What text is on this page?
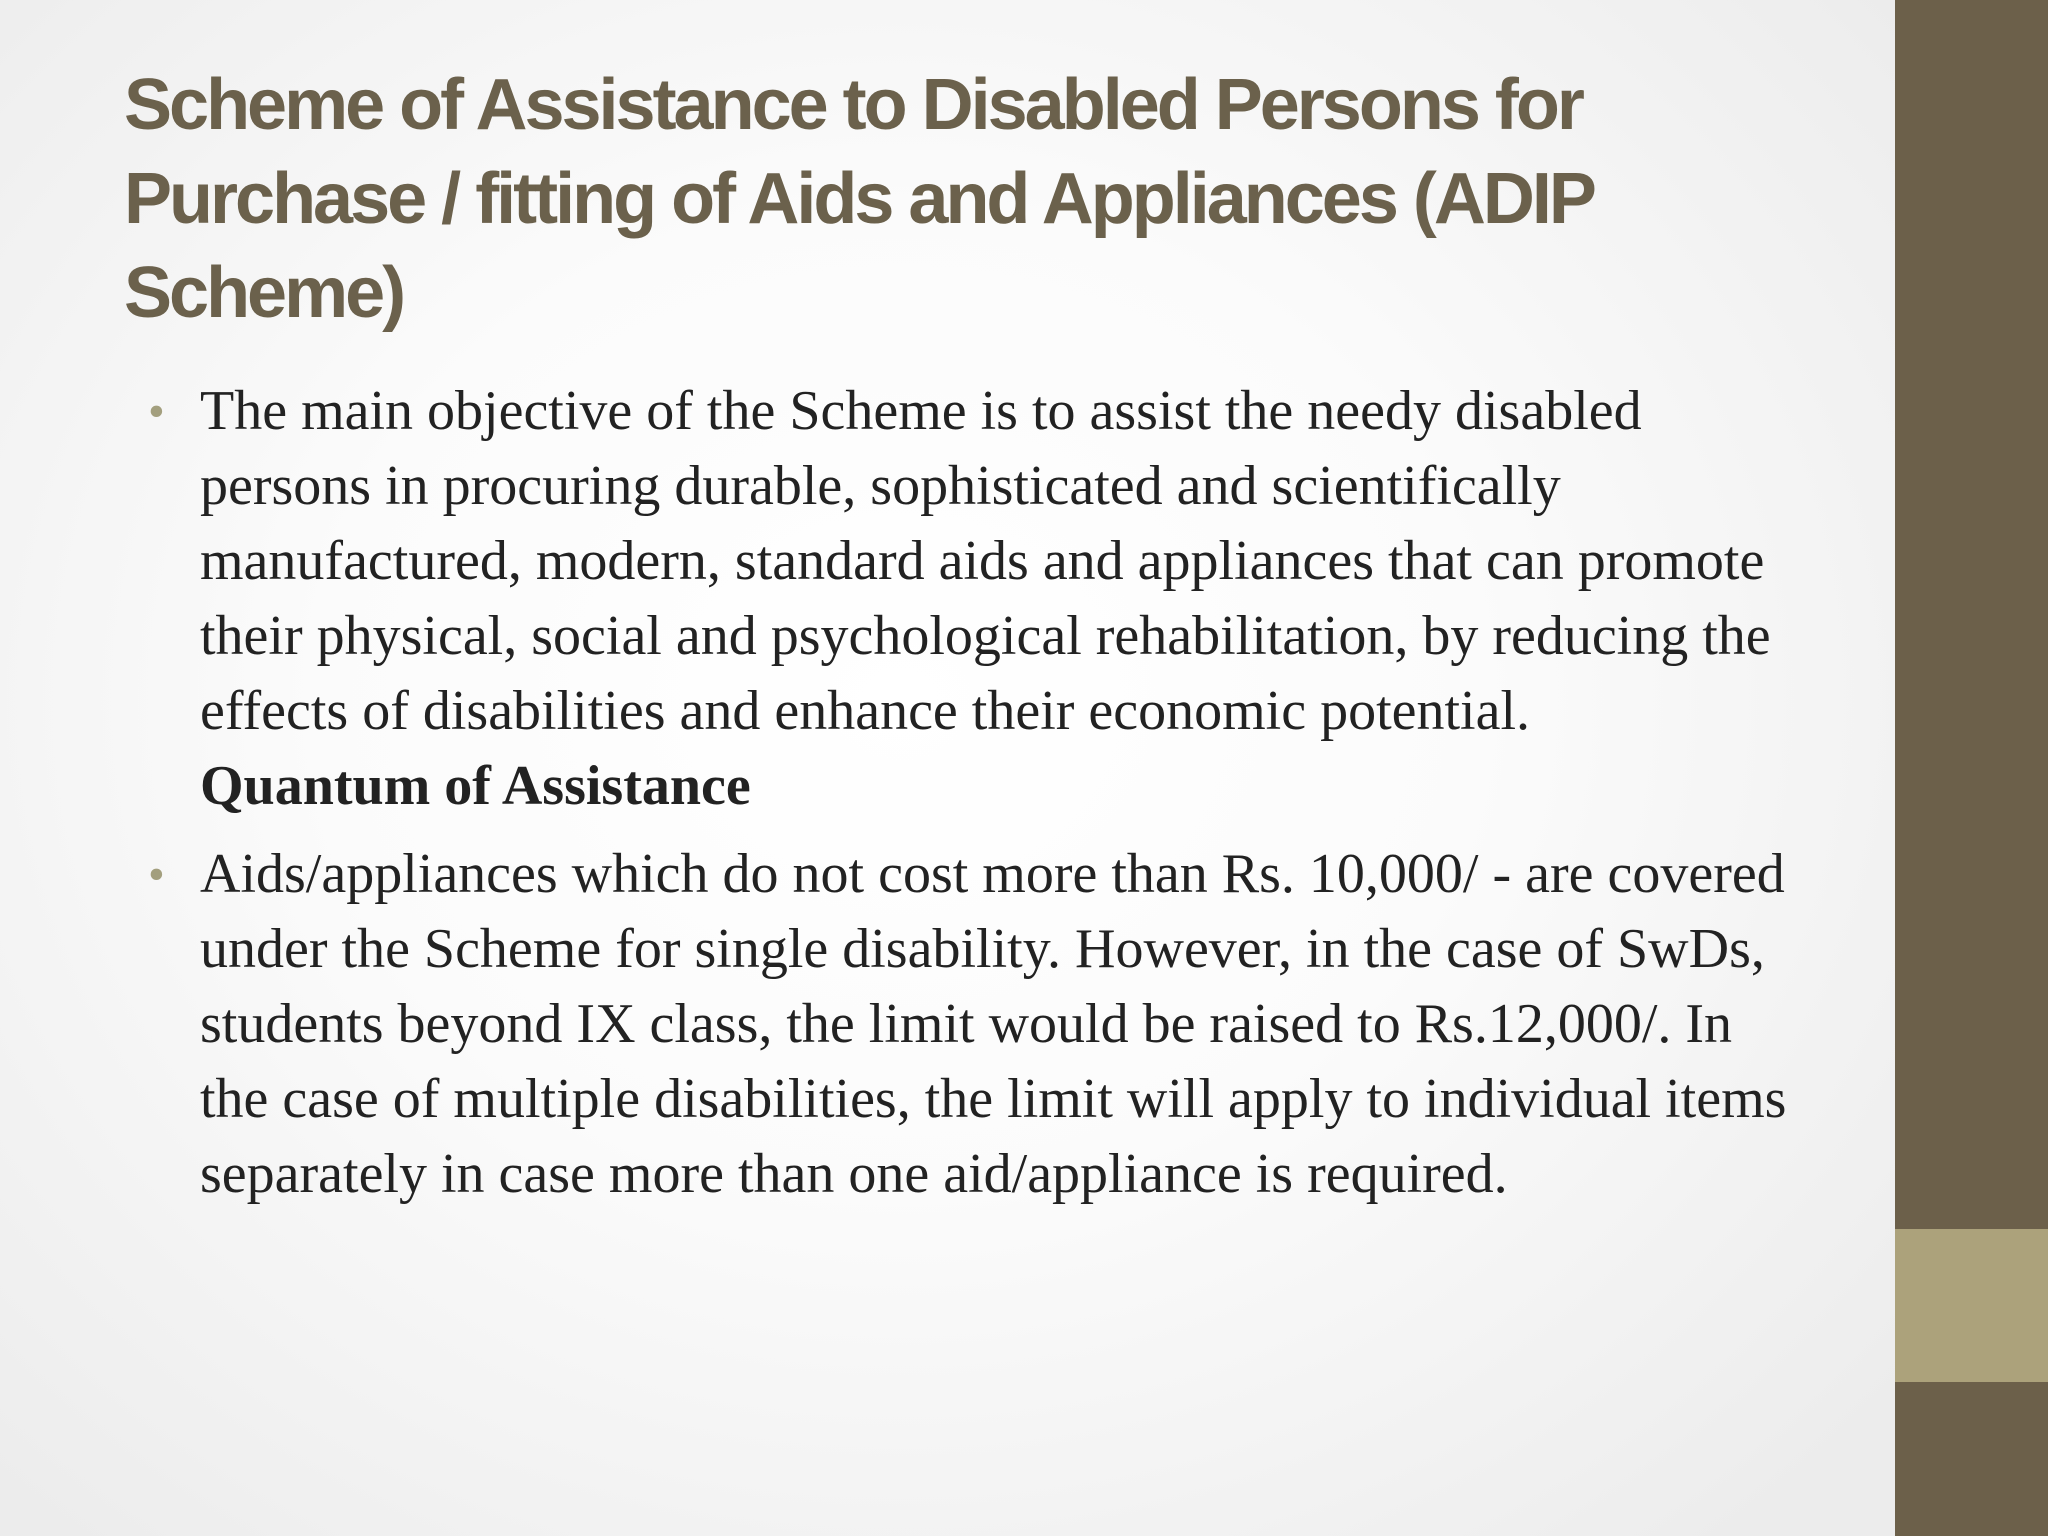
Scheme of Assistance to Disabled Persons for Purchase / fitting of Aids and Appliances (ADIP Scheme)
• The main objective of the Scheme is to assist the needy disabled persons in procuring durable, sophisticated and scientifically manufactured, modern, standard aids and appliances that can promote their physical, social and psychological rehabilitation, by reducing the effects of disabilities and enhance their economic potential.
Quantum of Assistance
• Aids/appliances which do not cost more than Rs. 10,000/ - are covered under the Scheme for single disability. However, in the case of SwDs, students beyond IX class, the limit would be raised to Rs.12,000/. In the case of multiple disabilities, the limit will apply to individual items separately in case more than one aid/appliance is required.
